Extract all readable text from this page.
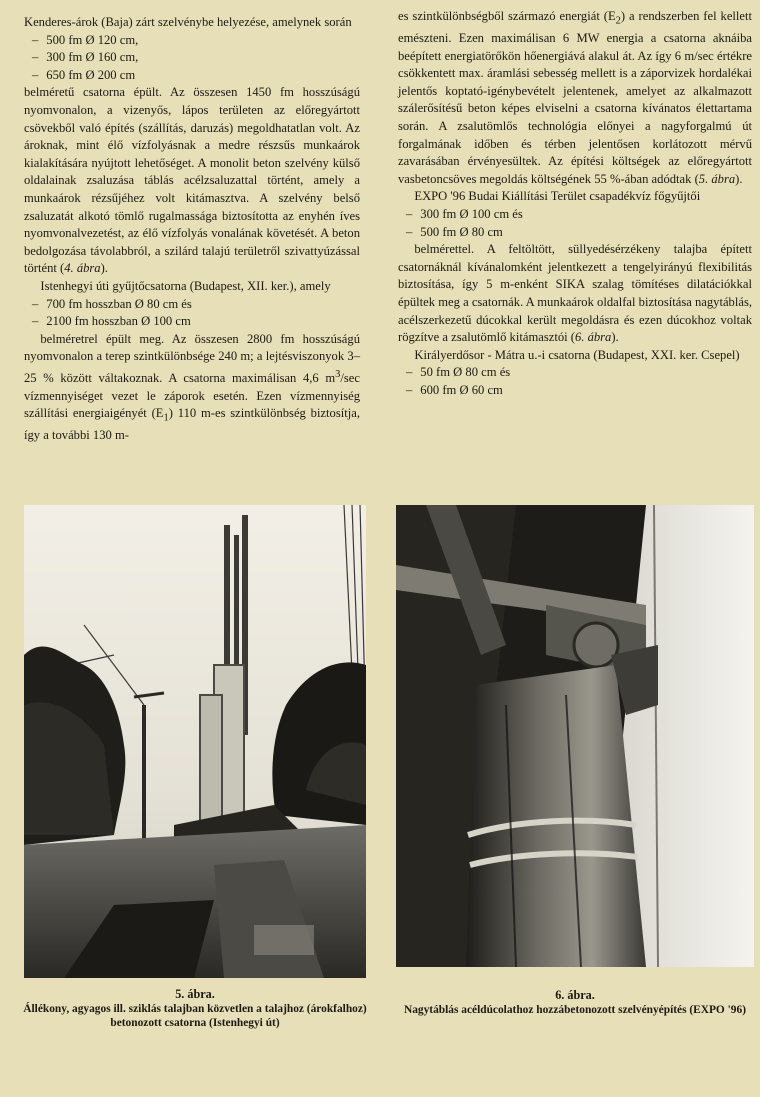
Kenderes-árok (Baja) zárt szelvénybe helyezése, amelynek során

– 500 fm Ø 120 cm,
– 300 fm Ø 160 cm,
– 650 fm Ø 200 cm

belméretű csatorna épült. Az összesen 1450 fm hosszúságú nyomvonalon, a vizenyős, lápos területen az előregyártott csövekből való építés (szállítás, daruzás) megoldhatatlan volt. Az ároknak, mint élő vízfolyásnak a medre részsűs munkaárok kialakítására nyújtott lehetőséget. A monolit beton szelvény külső oldalainak zsaluzása táblás acélzsaluzattal történt, amely a munkaárok rézsűjéhez volt kitámasztva. A szelvény belső zsaluzatát alkotó tömlő rugalmassága biztosította az enyhén íves nyomvonalvezetést, az élő vízfolyás vonalának követését. A beton bedolgozása távolabbról, a szilárd talajú területről szivattyúzással történt (4. ábra).

Istenhegyi úti gyűjtőcsatorna (Budapest, XII. ker.), amely

– 700 fm hosszban Ø 80 cm és
– 2100 fm hosszban Ø 100 cm

belméretrel épült meg. Az összesen 2800 fm hosszúságú nyomvonalon a terep szintkülönbsége 240 m; a lejtésviszonyok 3–25 % között váltakoznak. A csatorna maximálisan 4,6 $m^3/\sec$ vízmennyiséget vezet le záporok esetén. Ezen vízmennyiség szállítási energiaigényét $(E_1)$ 110 m-es szintkülönbség biztosítja, így a további 130 m-

es szintkülönbségből származó energiát $(E_2)$ a rendszerben fel kellett emészteni. Ezen maximálisan 6 MW energia a csatorna aknáiba beépített energiatörőkön hőenergiává alakul át. Az így 6 m/sec értékre csökkentett max. áramlási sebesség mellett is a záporvizek hordalékai jelentős koptató-igénybevételt jelentenek, amelyet az alkalmazott szálerősítésű beton képes elviselni a csatorna kívánatos élettartama során. A zsalutömlős technológia előnyei a nagyforgalmú út forgalmának időben és térben jelentősen korlátozott mérvű zavarásában érvényesültek. Az építési költségek az előregyártott vasbetoncsöves megoldás költségének 55 %-ában adódtak (5. ábra).

EXPO '96 Budai Kiállítási Terület csapadékvíz főgyűjtői

– 300 fm Ø 100 cm és
– 500 fm Ø 80 cm

belmérettel. A feltöltött, süllyedésérzékeny talajba épített csatornáknál kívánalomként jelentkezett a tengelyirányú flexibilitás biztosítása, így 5 m-enként SIKA szalag tömítéses dilatációkkal épültek meg a csatornák. A munkaárok oldalfal biztosítása nagytáblás, acélszerkezetű dúcokkal került megoldásra és ezen dúcokhoz voltak rögzítve a zsalutömlő kitámasztói (6. ábra).

Királyerdősor - Mátra u.-i csatorna (Budapest, XXI. ker. Csepel)

– 50 fm Ø 80 cm és
– 600 fm Ø 60 cm
5. ábra.
Állékony, agyagos ill. sziklás talajban közvetlen a talajhoz (árokfalhoz) betonozott csatorna (Istenhegyi út)
6. ábra.
Nagytáblás acéldúcolathoz hozzábetonozott szelvényépítés (EXPO '96)
